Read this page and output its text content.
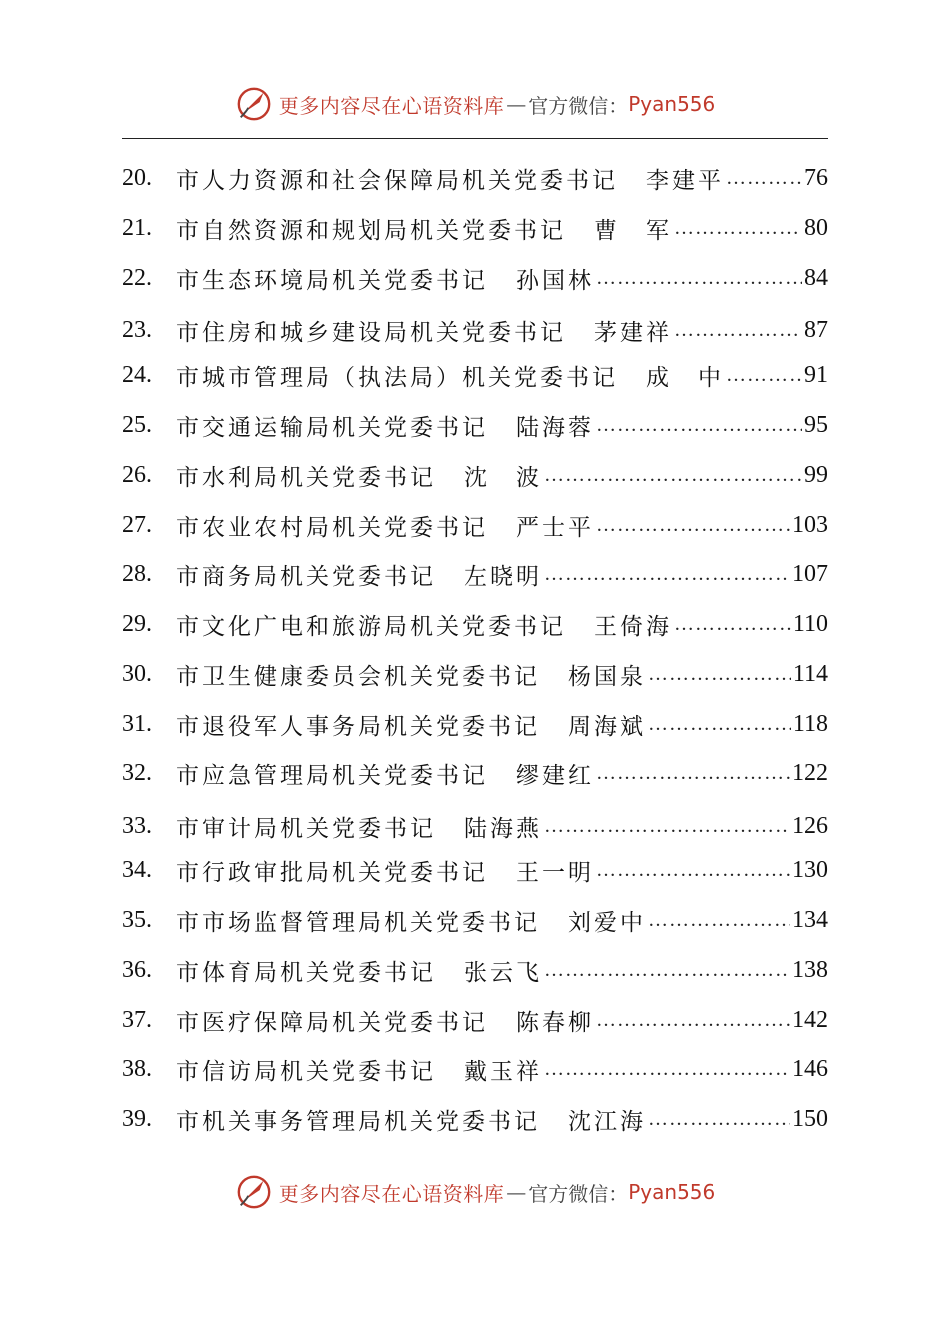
更多内容尽在心语资料库 — 官方微信： Pyan556
20.	市人力资源和社会保障局机关党委书记 李建平 …………………………………………………………………………………………………………	76
21.	市自然资源和规划局机关党委书记 曹　军 …………………………………………………………………………………………………………	80
22.	市生态环境局机关党委书记 孙国林 …………………………………………………………………………………………………………	84
23.	市住房和城乡建设局机关党委书记 茅建祥 …………………………………………………………………………………………………………	87
24.	市城市管理局（执法局）机关党委书记 成　中 …………………………………………………………………………………………………………	91
25.	市交通运输局机关党委书记 陆海蓉 …………………………………………………………………………………………………………	95
26.	市水利局机关党委书记 沈　波 …………………………………………………………………………………………………………	99
27.	市农业农村局机关党委书记 严士平 …………………………………………………………………………………………………………	103
28.	市商务局机关党委书记 左晓明 …………………………………………………………………………………………………………	107
29.	市文化广电和旅游局机关党委书记 王倚海 …………………………………………………………………………………………………………	110
30.	市卫生健康委员会机关党委书记 杨国泉 …………………………………………………………………………………………………………	114
31.	市退役军人事务局机关党委书记 周海斌 …………………………………………………………………………………………………………	118
32.	市应急管理局机关党委书记 缪建红 …………………………………………………………………………………………………………	122
33.	市审计局机关党委书记 陆海燕 …………………………………………………………………………………………………………	126
34.	市行政审批局机关党委书记 王一明 …………………………………………………………………………………………………………	130
35.	市市场监督管理局机关党委书记 刘爱中 …………………………………………………………………………………………………………	134
36.	市体育局机关党委书记 张云飞 …………………………………………………………………………………………………………	138
37.	市医疗保障局机关党委书记 陈春柳 …………………………………………………………………………………………………………	142
38.	市信访局机关党委书记 戴玉祥 …………………………………………………………………………………………………………	146
39.	市机关事务管理局机关党委书记 沈江海 …………………………………………………………………………………………………………	150
更多内容尽在心语资料库 — 官方微信： Pyan556
